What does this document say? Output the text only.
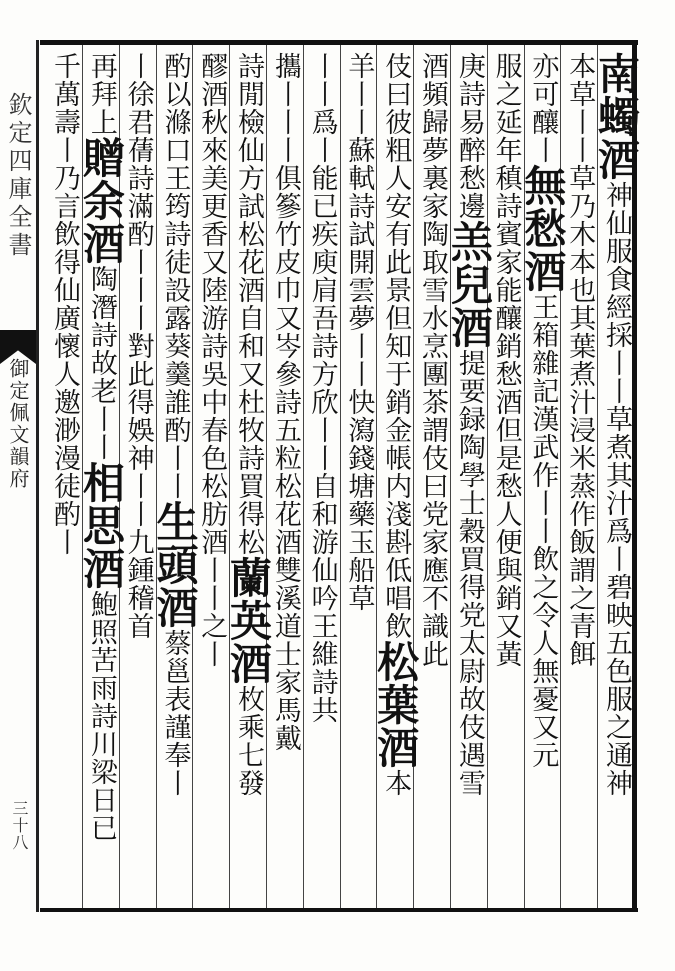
欽定四庫全書
御定佩文韻府
三十八
南蠋酒神仙服食經採丨丨草煮其汁爲丨碧映五色服之通神
本草丨丨草乃木本也其葉煮汁浸米蒸作飯謂之青餌
亦可釀丨無愁酒王箱雜記漢武作丨丨飲之令人無憂又元
服之延年稹詩賓家能釀銷愁酒但是愁人便與銷又黃
庚詩易醉愁邊羔兒酒提要録陶學士穀買得党太尉故伎遇雪
酒頻歸夢裏家陶取雪水烹團茶謂伎曰党家應不識此
伎曰彼粗人安有此景但知于銷金帳内淺斟低唱飲松葉酒本
羊丨丨蘇軾詩試開雲夢丨丨快瀉錢塘藥玉船草
丨丨爲丨能已疾庾肩吾詩方欣丨丨自和游仙吟王維詩共
攜丨丨丨俱篸竹皮巾又岑參詩五粒松花酒雙溪道士家馬戴
詩閒檢仙方試松花酒自和又杜牧詩買得松蘭英酒枚乘七發
醪酒秋來美更香又陸游詩吳中春色松肪酒丨丨之丨
酌以滌口王筠詩徒設露葵羹誰酌丨丨生頭酒蔡邕表謹奉丨
丨徐君蒨詩滿酌丨丨丨對此得娛神丨丨九鍾稽首
再拜上贈余酒陶潛詩故老丨丨相思酒鮑照苦雨詩川梁日已
千萬壽丨乃言飲得仙廣懷人邀渺漫徒酌丨
